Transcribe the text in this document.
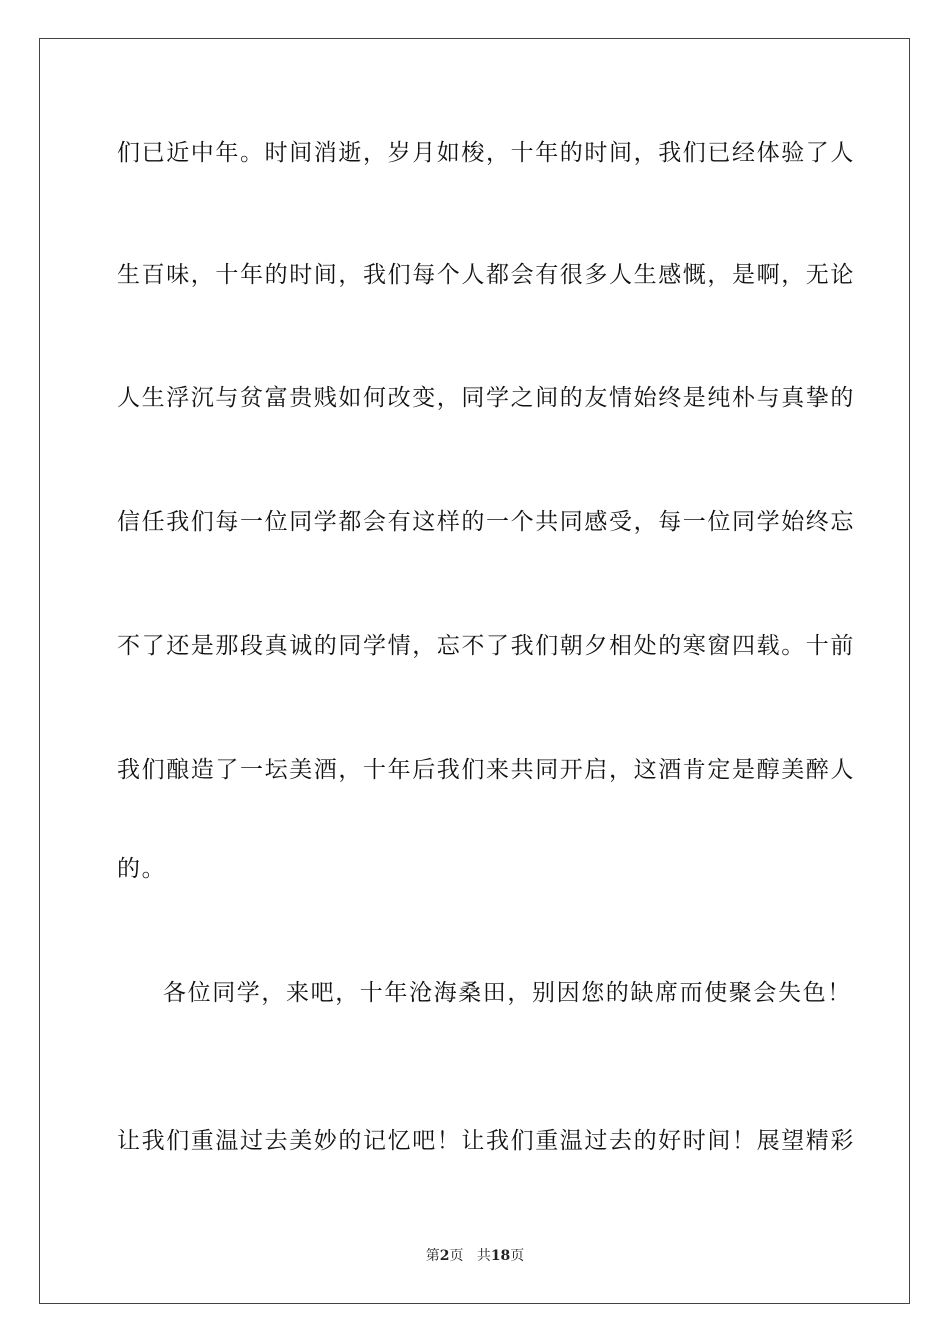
们已近中年。时间消逝，岁月如梭，十年的时间，我们已经体验了人
生百味，十年的时间，我们每个人都会有很多人生感慨，是啊，无论
人生浮沉与贫富贵贱如何改变，同学之间的友情始终是纯朴与真挚的
信任我们每一位同学都会有这样的一个共同感受，每一位同学始终忘
不了还是那段真诚的同学情，忘不了我们朝夕相处的寒窗四载。十前
我们酿造了一坛美酒，十年后我们来共同开启，这酒肯定是醇美醉人
的。
各位同学，来吧，十年沧海桑田，别因您的缺席而使聚会失色！
让我们重温过去美妙的记忆吧！让我们重温过去的好时间！展望精彩
第2页 共18页
